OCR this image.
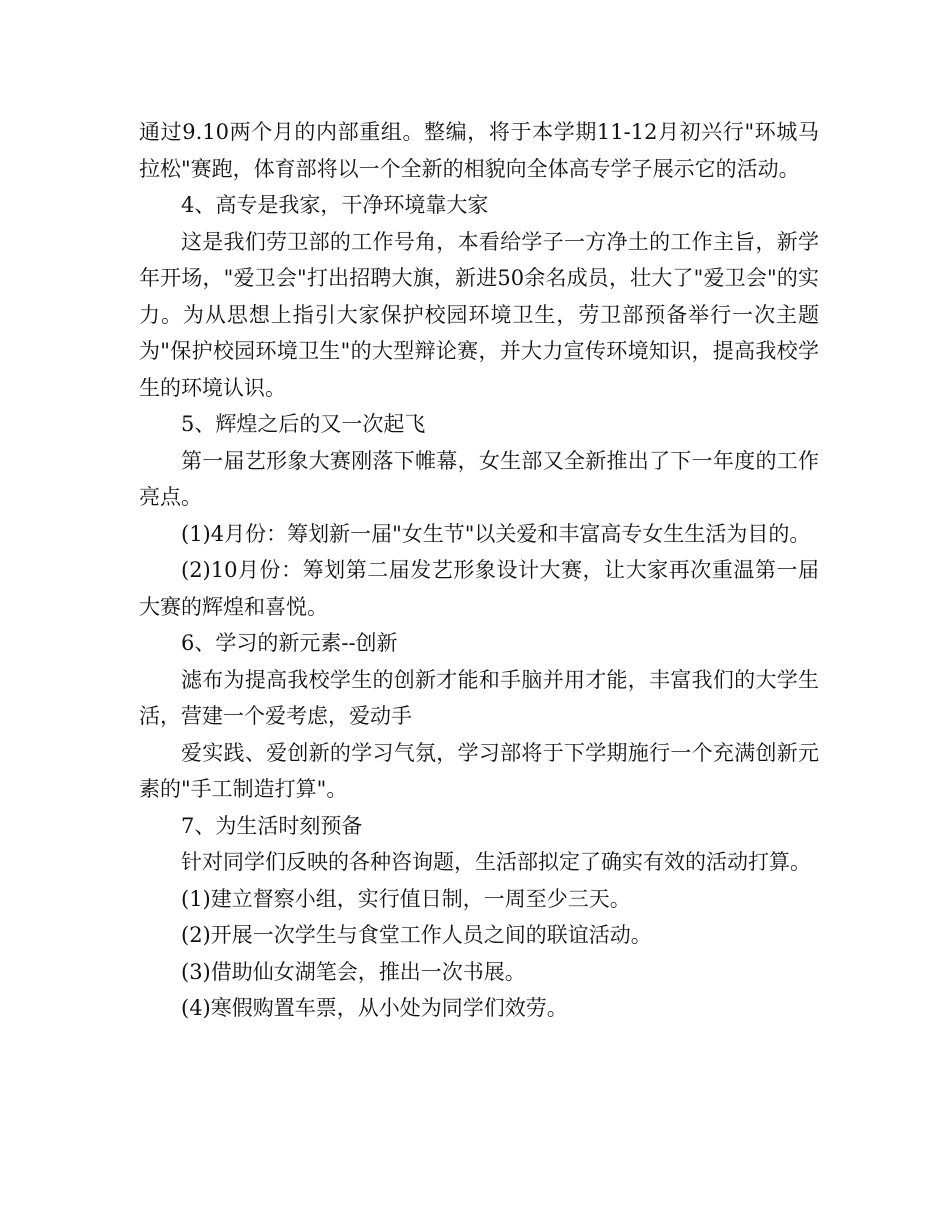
通过9.10两个月的内部重组。整编，将于本学期11-12月初兴行"环城马拉松"赛跑，体育部将以一个全新的相貌向全体高专学子展示它的活动。

4、高专是我家，干净环境靠大家

这是我们劳卫部的工作号角，本看给学子一方净土的工作主旨，新学年开场，"爱卫会"打出招聘大旗，新进50余名成员，壮大了"爱卫会"的实力。为从思想上指引大家保护校园环境卫生，劳卫部预备举行一次主题为"保护校园环境卫生"的大型辩论赛，并大力宣传环境知识，提高我校学生的环境认识。

5、辉煌之后的又一次起飞

第一届艺形象大赛刚落下帷幕，女生部又全新推出了下一年度的工作亮点。

(1)4月份：筹划新一届"女生节"以关爱和丰富高专女生生活为目的。

(2)10月份：筹划第二届发艺形象设计大赛，让大家再次重温第一届大赛的辉煌和喜悦。

6、学习的新元素--创新

滤布为提高我校学生的创新才能和手脑并用才能，丰富我们的大学生活，营建一个爱考虑，爱动手

爱实践、爱创新的学习气氛，学习部将于下学期施行一个充满创新元素的"手工制造打算"。

7、为生活时刻预备

针对同学们反映的各种咨询题，生活部拟定了确实有效的活动打算。

(1)建立督察小组，实行值日制，一周至少三天。

(2)开展一次学生与食堂工作人员之间的联谊活动。

(3)借助仙女湖笔会，推出一次书展。

(4)寒假购置车票，从小处为同学们效劳。
